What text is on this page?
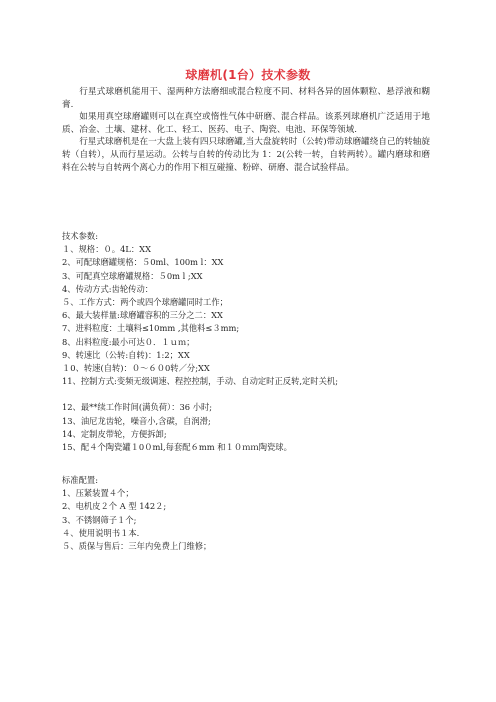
球磨机(1台）技术参数

行星式球磨机能用干、湿两种方法磨细或混合粒度不同、材料各异的固体颗粒、悬浮液和糊膏.

如果用真空球磨罐则可以在真空或惰性气体中研磨、混合样品。该系列球磨机广泛适用于地质、冶金、土壤、建材、化工、轻工、医药、电子、陶瓷、电池、环保等领域.

行星式球磨机是在一大盘上装有四只球磨罐,当大盘旋转时（公转)带动球磨罐绕自己的转轴旋转（自转），从而行星运动。公转与自转的传动比为 1：2(公转一转，自转两转）。罐内磨球和磨料在公转与自转两个离心力的作用下相互碰撞、粉碎、研磨、混合试验样品。

技术参数:

１、规格：０。4L：XX
2、可配球磨罐规格：５0ml、100m l：XX
3、可配真空球磨罐规格：５0m l ;XX
4、传动方式:齿轮传动：
５、工作方式：两个或四个球磨罐同时工作；
6、最大装样量:球磨罐容积的三分之二：XX
7、进料粒度：土壤料≤10mm ,其他料≤３mm;
8、出料粒度:最小可达０．１ｕｍ；
9、转速比（公转:自转)：1:2；XX
１0、转速(自转)：０～６０0转／分;XX
11、控制方式:变频无级调速、程控控制，手动、自动定时正反转,定时关机;
12、最**续工作时间(满负荷）：36 小时;
13、油尼龙齿轮，噪音小,含碳，自润滑;
14、定制皮带轮，方便拆卸;
15、配４个陶瓷罐１0０ml,每套配６mm 和１０ｍｍ陶瓷球。

标准配置:

1、压紧装置４个；
2、电机皮２个 A 型 142２;
3、不锈钢筛子１个;
４、使用说明书１本.
５、质保与售后：三年内免费上门维修；
